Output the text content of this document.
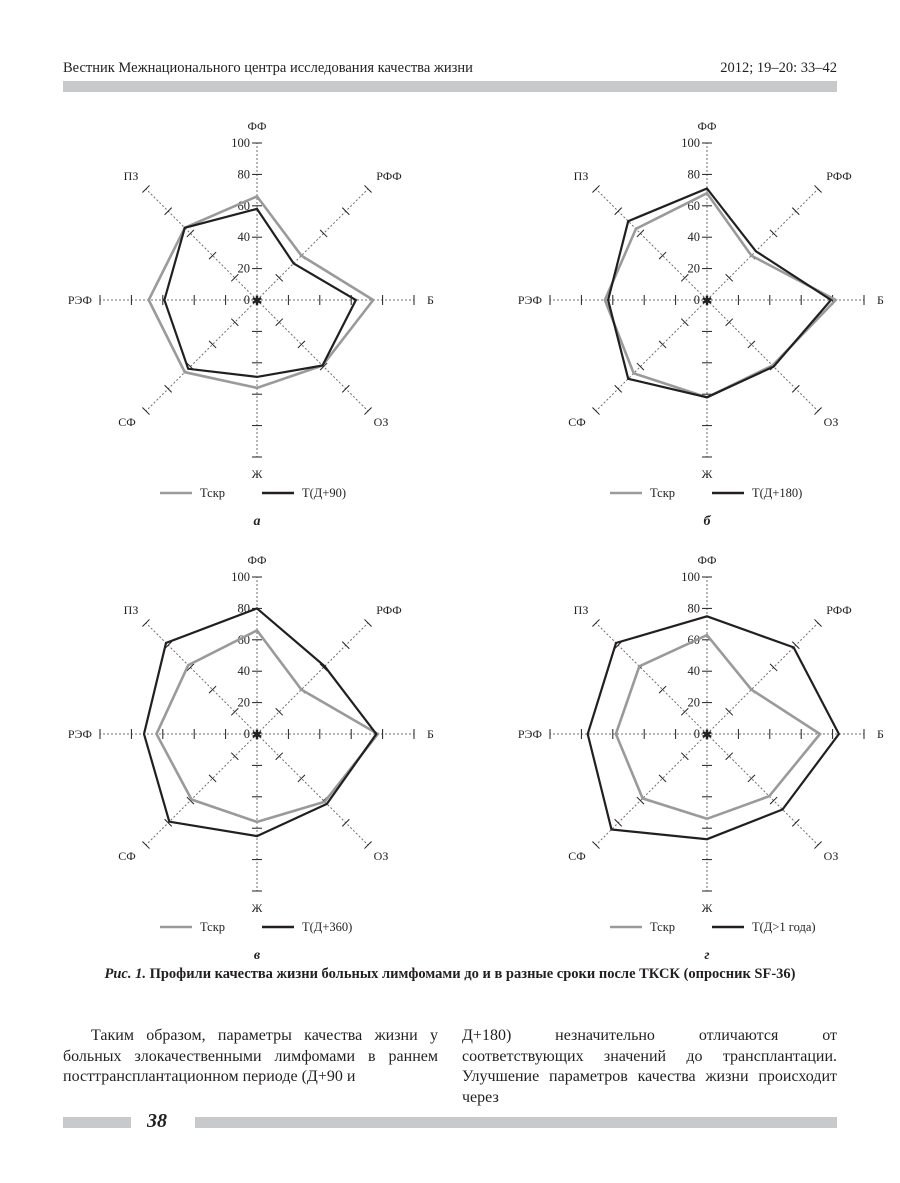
Вестник Межнационального центра исследования качества жизни	2012; 19–20: 33–42
ФФ
РФФ
Б
ОЗ
Ж
СФ
РЭФ
ПЗ
0
20
40
60
80
100
✱
Тскр	Т(Д+90)
а
ФФ
РФФ
Б
ОЗ
Ж
СФ
РЭФ
ПЗ
0
20
40
60
80
100
✱
Тскр	Т(Д+180)
б
ФФ
РФФ
Б
ОЗ
Ж
СФ
РЭФ
ПЗ
0
20
40
60
80
100
✱
Тскр	Т(Д+360)
в
ФФ
РФФ
Б
ОЗ
Ж
СФ
РЭФ
ПЗ
0
20
40
60
80
100
✱
Тскр	Т(Д>1 года)
г
Рис. 1. Профили качества жизни больных лимфомами до и в разные сроки после ТКСК (опросник SF-36)
Таким образом, параметры качества жизни у больных злокачественными лимфомами в раннем посттрансплантационном периоде (Д+90 и
Д+180) незначительно отличаются от соответствующих значений до трансплантации. Улучшение параметров качества жизни происходит через
38
